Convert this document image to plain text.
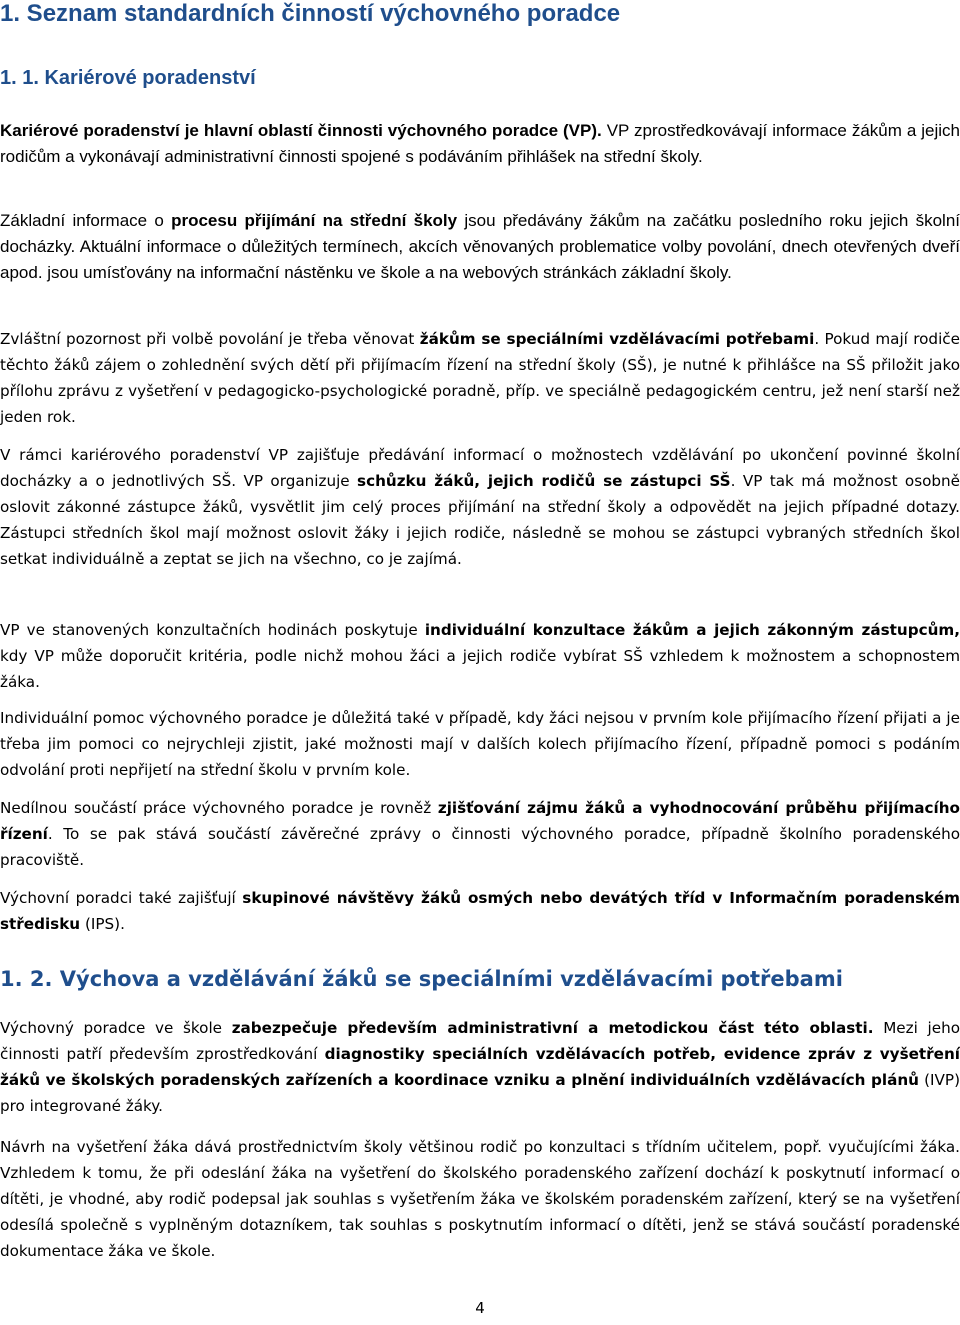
1. Seznam standardních činností výchovného poradce
1. 1. Kariérové poradenství

Kariérové poradenství je hlavní oblastí činnosti výchovného poradce (VP). VP zprostředkovávají informace žákům a jejich rodičům a vykonávají administrativní činnosti spojené s podáváním přihlášek na střední školy.

Základní informace o procesu přijímání na střední školy jsou předávány žákům na začátku posledního roku jejich školní docházky. Aktuální informace o důležitých termínech, akcích věnovaných problematice volby povolání, dnech otevřených dveří apod. jsou umísťovány na informační nástěnku ve škole a na webových stránkách základní školy.

Zvláštní pozornost při volbě povolání je třeba věnovat žákům se speciálními vzdělávacími potřebami. Pokud mají rodiče těchto žáků zájem o zohlednění svých dětí při přijímacím řízení na střední školy (SŠ), je nutné k přihlášce na SŠ přiložit jako přílohu zprávu z vyšetření v pedagogicko-psychologické poradně, příp. ve speciálně pedagogickém centru, jež není starší než jeden rok.

V rámci kariérového poradenství VP zajišťuje předávání informací o možnostech vzdělávání po ukončení povinné školní docházky a o jednotlivých SŠ. VP organizuje schůzku žáků, jejich rodičů se zástupci SŠ. VP tak má možnost osobně oslovit zákonné zástupce žáků, vysvětlit jim celý proces přijímání na střední školy a odpovědět na jejich případné dotazy. Zástupci středních škol mají možnost oslovit žáky i jejich rodiče, následně se mohou se zástupci vybraných středních škol setkat individuálně a zeptat se jich na všechno, co je zajímá.

VP ve stanovených konzultačních hodinách poskytuje individuální konzultace žákům a jejich zákonným zástupcům, kdy VP může doporučit kritéria, podle nichž mohou žáci a jejich rodiče vybírat SŠ vzhledem k možnostem a schopnostem žáka.

Individuální pomoc výchovného poradce je důležitá také v případě, kdy žáci nejsou v prvním kole přijímacího řízení přijati a je třeba jim pomoci co nejrychleji zjistit, jaké možnosti mají v dalších kolech přijímacího řízení, případně pomoci s podáním odvolání proti nepřijetí na střední školu v prvním kole.

Nedílnou součástí práce výchovného poradce je rovněž zjišťování zájmu žáků a vyhodnocování průběhu přijímacího řízení. To se pak stává součástí závěrečné zprávy o činnosti výchovného poradce, případně školního poradenského pracoviště.

Výchovní poradci také zajišťují skupinové návštěvy žáků osmých nebo devátých tříd v Informačním poradenském středisku (IPS).

1. 2. Výchova a vzdělávání žáků se speciálními vzdělávacími potřebami

Výchovný poradce ve škole zabezpečuje především administrativní a metodickou část této oblasti. Mezi jeho činnosti patří především zprostředkování diagnostiky speciálních vzdělávacích potřeb, evidence zpráv z vyšetření žáků ve školských poradenských zařízeních a koordinace vzniku a plnění individuálních vzdělávacích plánů (IVP) pro integrované žáky.

Návrh na vyšetření žáka dává prostřednictvím školy většinou rodič po konzultaci s třídním učitelem, popř. vyučujícími žáka. Vzhledem k tomu, že při odeslání žáka na vyšetření do školského poradenského zařízení dochází k poskytnutí informací o dítěti, je vhodné, aby rodič podepsal jak souhlas s vyšetřením žáka ve školském poradenském zařízení, který se na vyšetření odesílá společně s vyplněným dotazníkem, tak souhlas s poskytnutím informací o dítěti, jenž se stává součástí poradenské dokumentace žáka ve škole.

4
